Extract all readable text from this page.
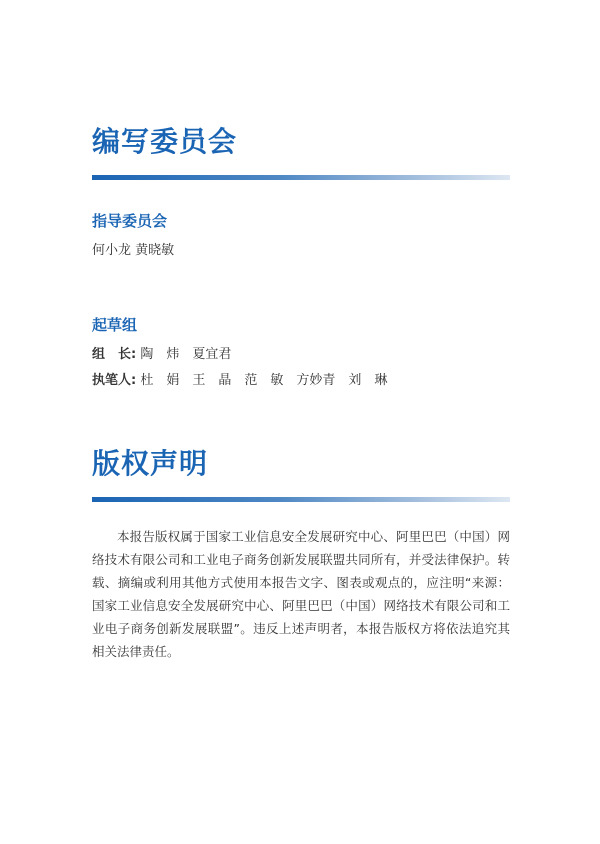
编写委员会
指导委员会
何小龙 黄晓敏
起草组
组　长: 陶　炜　夏宜君
执笔人: 杜　娟　王　晶　范　敏　方妙青　刘　琳
版权声明

本报告版权属于国家工业信息安全发展研究中心、阿里巴巴（中国）网络技术有限公司和工业电子商务创新发展联盟共同所有，并受法律保护。转载、摘编或利用其他方式使用本报告文字、图表或观点的，应注明“来源：国家工业信息安全发展研究中心、阿里巴巴（中国）网络技术有限公司和工业电子商务创新发展联盟”。违反上述声明者，本报告版权方将依法追究其相关法律责任。
